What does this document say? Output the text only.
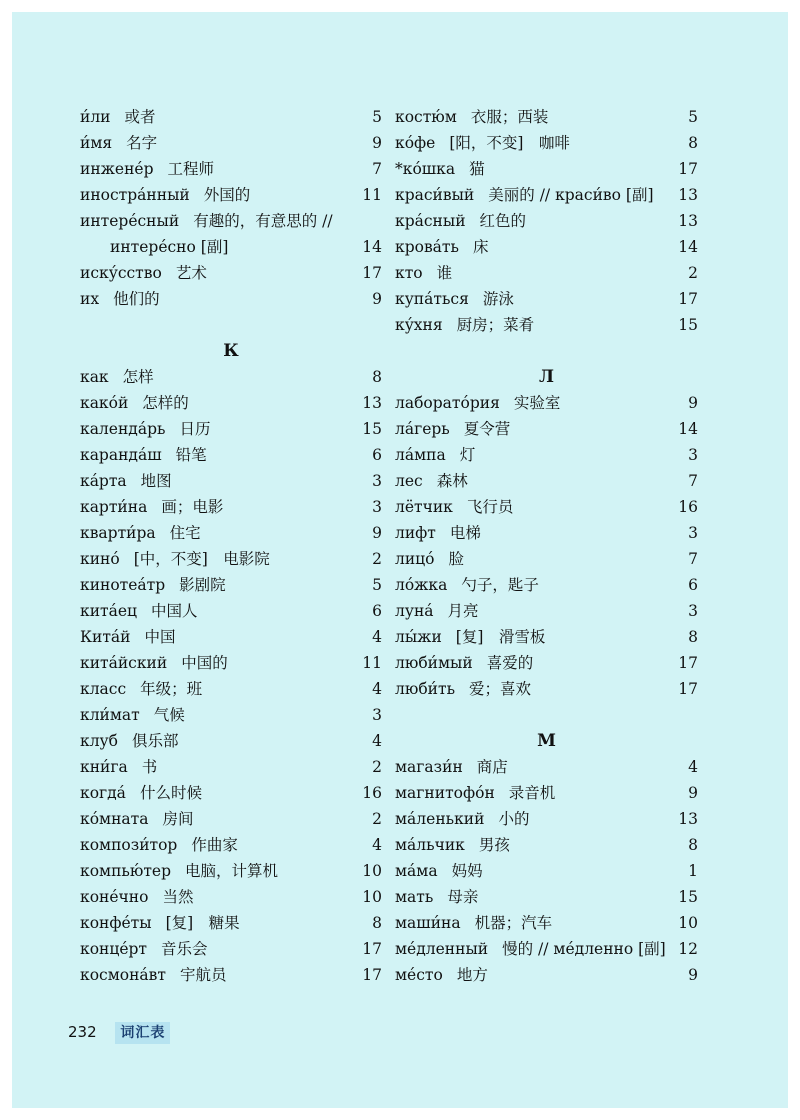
и́ли 或者	5
и́мя 名字	9
инжене́р 工程师	7
иностра́нный 外国的	11
интере́сный 有趣的，有意思的 //
интере́сно [副]	14
иску́сство 艺术	17
их 他们的	9
К
как 怎样	8
како́й 怎样的	13
календа́рь 日历	15
каранда́ш 铅笔	6
ка́рта 地图	3
карти́на 画；电影	3
кварти́ра 住宅	9
кино́ [中，不变]　电影院	2
кинотеа́тр 影剧院	5
кита́ец 中国人	6
Кита́й 中国	4
кита́йский 中国的	11
класс 年级；班	4
кли́мат 气候	3
клуб 俱乐部	4
кни́га 书	2
когда́ 什么时候	16
ко́мната 房间	2
компози́тор 作曲家	4
компью́тер 电脑，计算机	10
коне́чно 当然	10
конфе́ты [复]　糖果	8
конце́рт 音乐会	17
космона́вт 宇航员	17
костю́м 衣服；西装	5
ко́фе [阳，不变]　咖啡	8
*ко́шка 猫	17
краси́вый 美丽的 // краси́во [副] 13
кра́сный 红色的	13
крова́ть 床	14
кто 谁	2
купа́ться 游泳	17
ку́хня 厨房；菜肴	15
Л
лаборато́рия 实验室	9
ла́герь 夏令营	14
ла́мпа 灯	3
лес 森林	7
лётчик 飞行员	16
лифт 电梯	3
лицо́ 脸	7
ло́жка 勺子，匙子	6
луна́ 月亮	3
лы́жи [复]　滑雪板	8
люби́мый 喜爱的	17
люби́ть 爱；喜欢	17
М
магази́н 商店	4
магнитофо́н 录音机	9
ма́ленький 小的	13
ма́льчик 男孩	8
ма́ма 妈妈	1
мать 母亲	15
маши́на 机器；汽车	10
ме́дленный 慢的 // ме́дленно [副] 12
ме́сто 地方	9
232 词汇表
